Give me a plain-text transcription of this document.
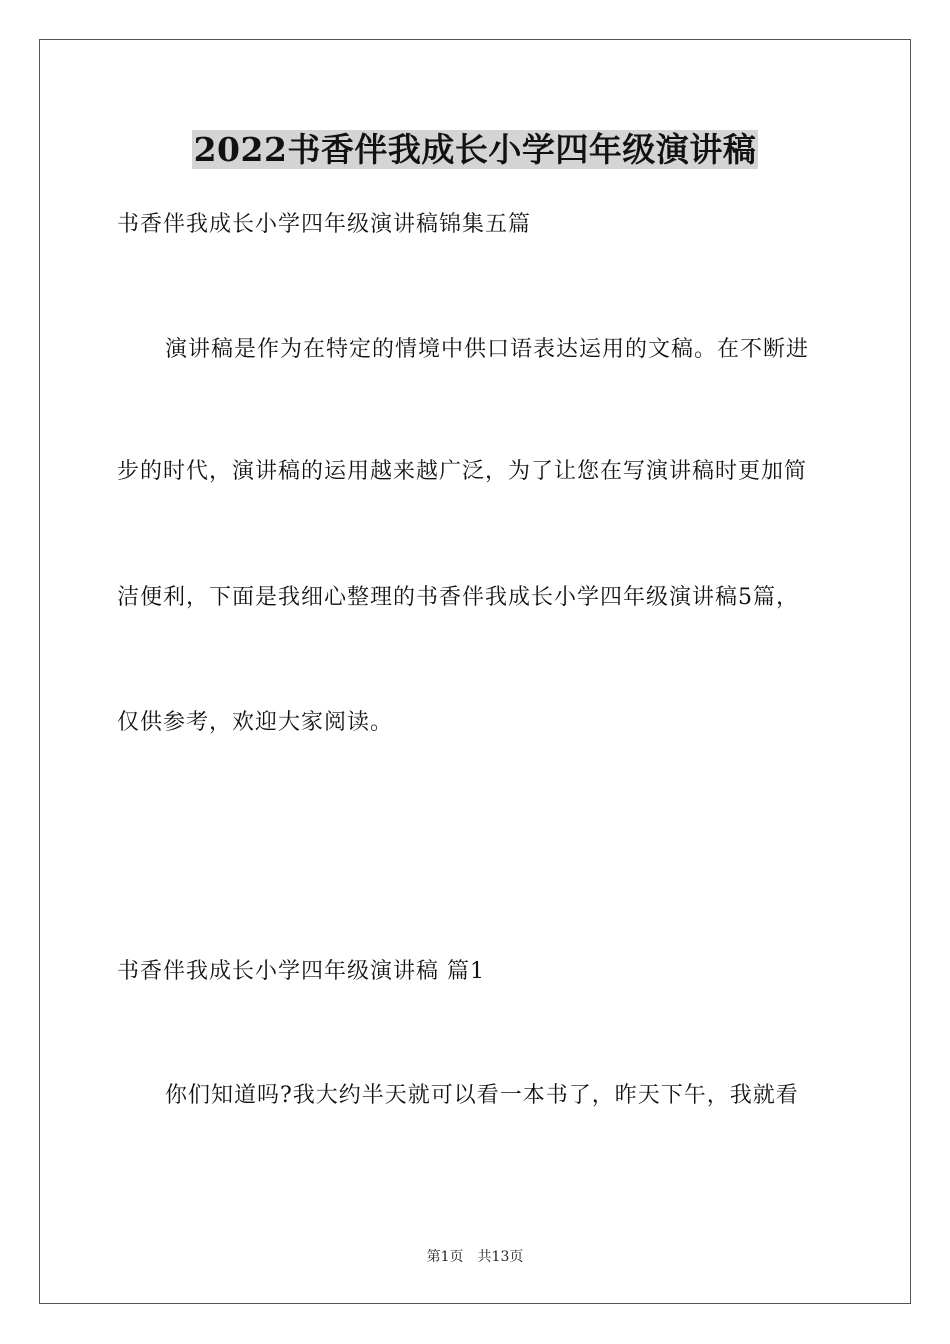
2022书香伴我成长小学四年级演讲稿
书香伴我成长小学四年级演讲稿锦集五篇
演讲稿是作为在特定的情境中供口语表达运用的文稿。在不断进
步的时代，演讲稿的运用越来越广泛，为了让您在写演讲稿时更加简
洁便利，下面是我细心整理的书香伴我成长小学四年级演讲稿5篇，
仅供参考，欢迎大家阅读。
书香伴我成长小学四年级演讲稿 篇1
你们知道吗?我大约半天就可以看一本书了，昨天下午，我就看
第1页 共13页
